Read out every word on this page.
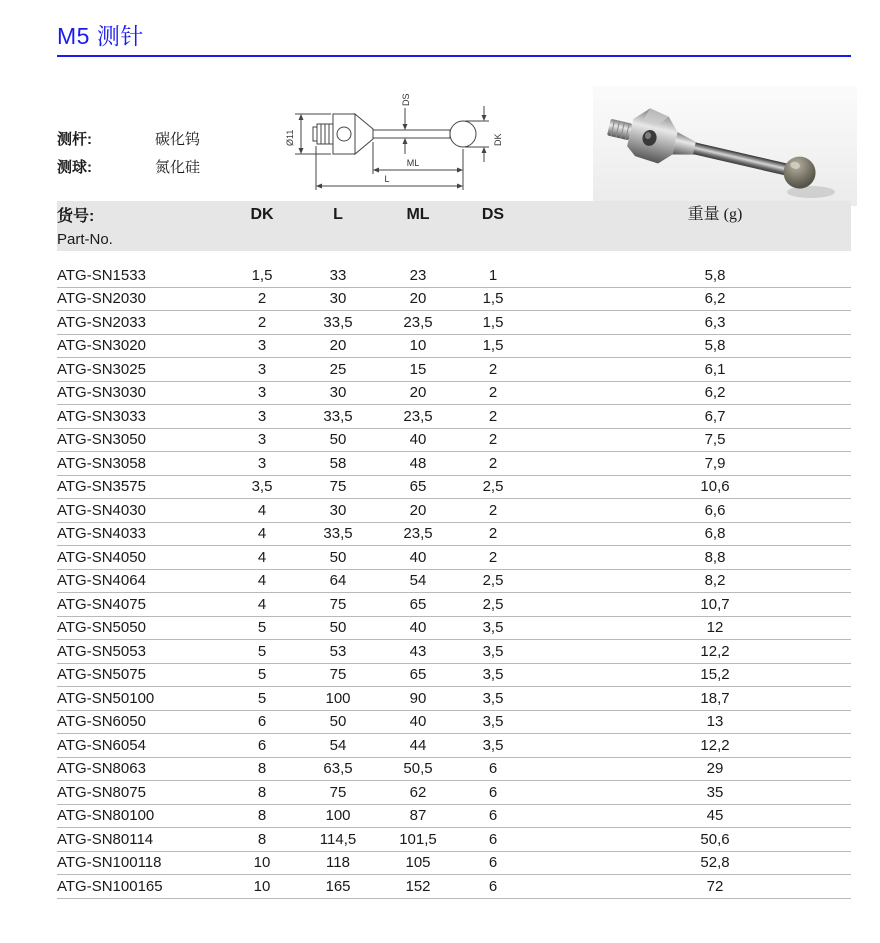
M5 测针
测杆:	碳化钨
测球:	氮化硅
Ø11
DS
DK
ML
L
货号:
Part-No.
DK	L	ML	DS	重量 (g)
ATG-SN1533	1,5	33	23	1	5,8
ATG-SN2030	2	30	20	1,5	6,2
ATG-SN2033	2	33,5	23,5	1,5	6,3
ATG-SN3020	3	20	10	1,5	5,8
ATG-SN3025	3	25	15	2	6,1
ATG-SN3030	3	30	20	2	6,2
ATG-SN3033	3	33,5	23,5	2	6,7
ATG-SN3050	3	50	40	2	7,5
ATG-SN3058	3	58	48	2	7,9
ATG-SN3575	3,5	75	65	2,5	10,6
ATG-SN4030	4	30	20	2	6,6
ATG-SN4033	4	33,5	23,5	2	6,8
ATG-SN4050	4	50	40	2	8,8
ATG-SN4064	4	64	54	2,5	8,2
ATG-SN4075	4	75	65	2,5	10,7
ATG-SN5050	5	50	40	3,5	12
ATG-SN5053	5	53	43	3,5	12,2
ATG-SN5075	5	75	65	3,5	15,2
ATG-SN50100	5	100	90	3,5	18,7
ATG-SN6050	6	50	40	3,5	13
ATG-SN6054	6	54	44	3,5	12,2
ATG-SN8063	8	63,5	50,5	6	29
ATG-SN8075	8	75	62	6	35
ATG-SN80100	8	100	87	6	45
ATG-SN80114	8	114,5	101,5	6	50,6
ATG-SN100118	10	118	105	6	52,8
ATG-SN100165	10	165	152	6	72
